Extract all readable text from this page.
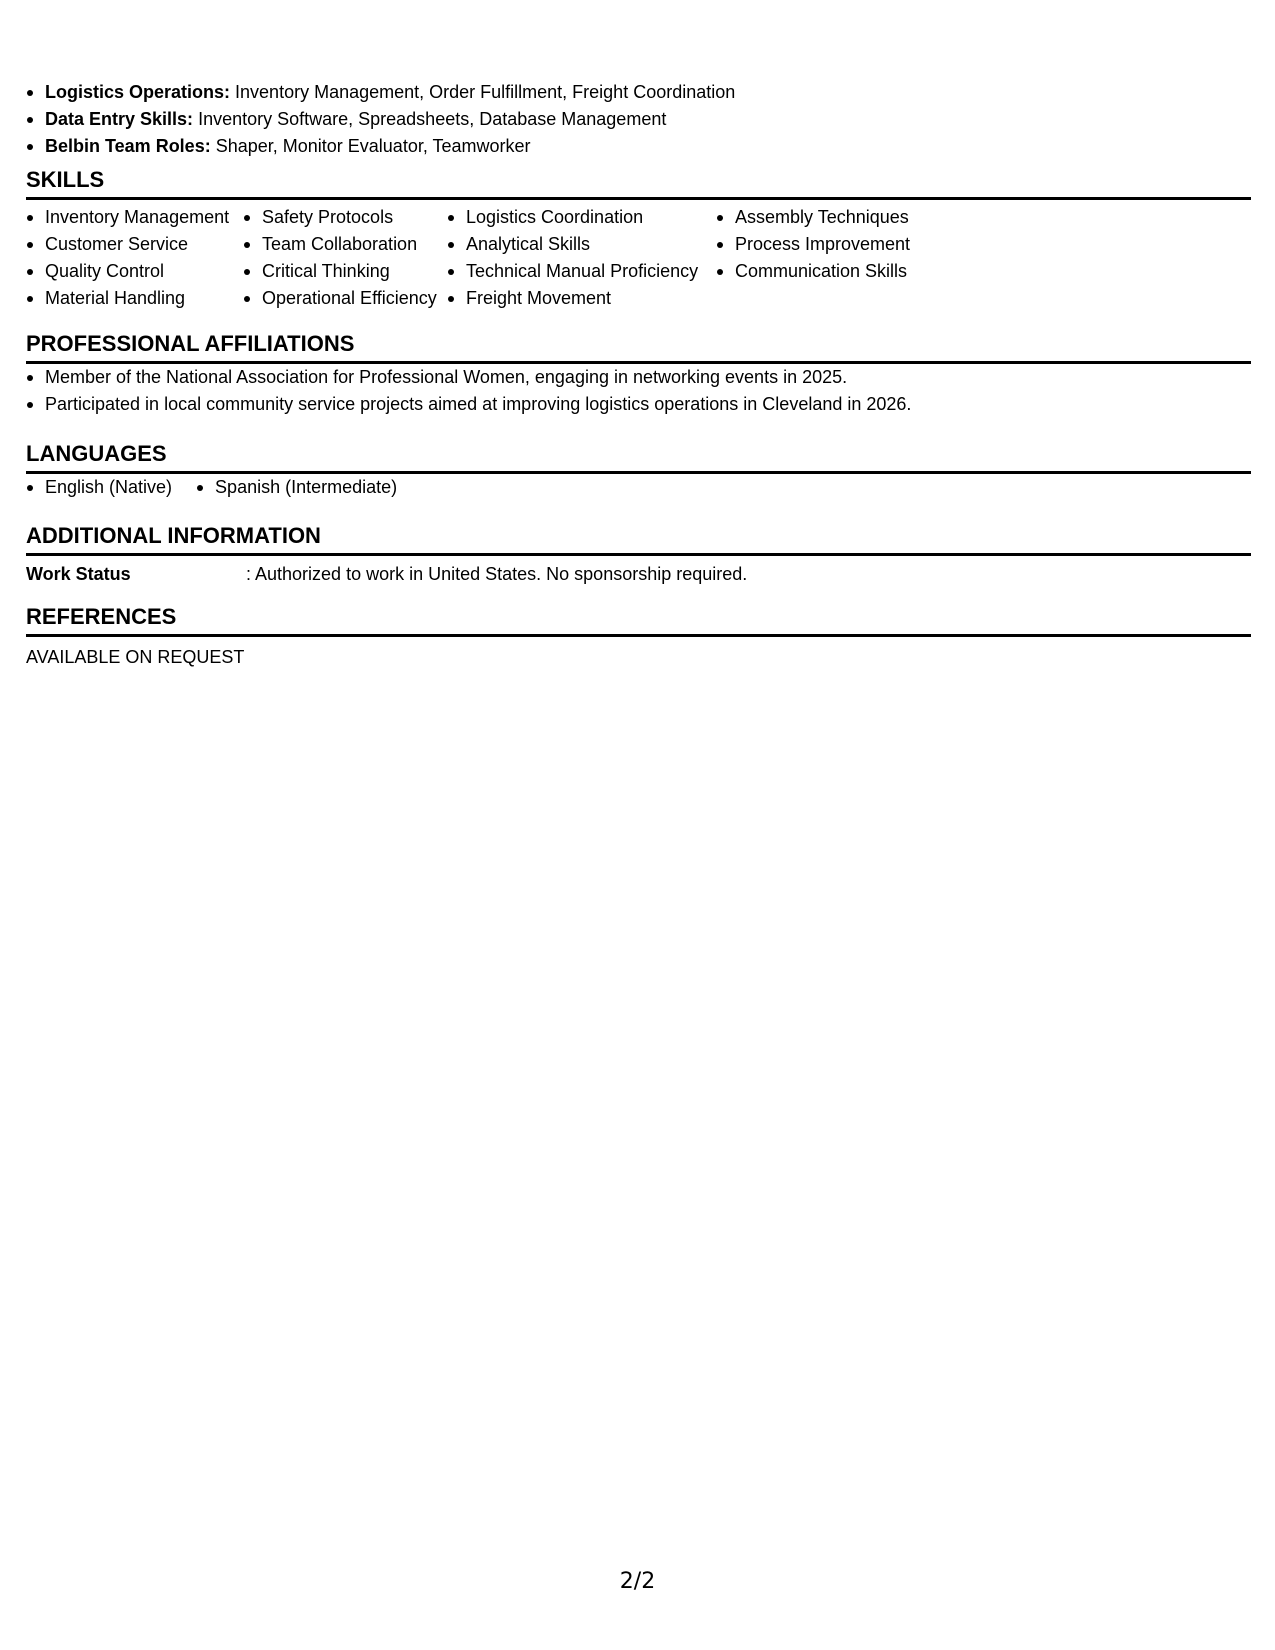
Logistics Operations: Inventory Management, Order Fulfillment, Freight Coordination
Data Entry Skills: Inventory Software, Spreadsheets, Database Management
Belbin Team Roles: Shaper, Monitor Evaluator, Teamworker
SKILLS
Inventory Management
Customer Service
Quality Control
Material Handling
Safety Protocols
Team Collaboration
Critical Thinking
Operational Efficiency
Logistics Coordination
Analytical Skills
Technical Manual Proficiency
Freight Movement
Assembly Techniques
Process Improvement
Communication Skills
PROFESSIONAL AFFILIATIONS
Member of the National Association for Professional Women, engaging in networking events in 2025.
Participated in local community service projects aimed at improving logistics operations in Cleveland in 2026.
LANGUAGES
English (Native)	Spanish (Intermediate)
ADDITIONAL INFORMATION
Work Status	: Authorized to work in United States. No sponsorship required.
REFERENCES
AVAILABLE ON REQUEST
2/2
